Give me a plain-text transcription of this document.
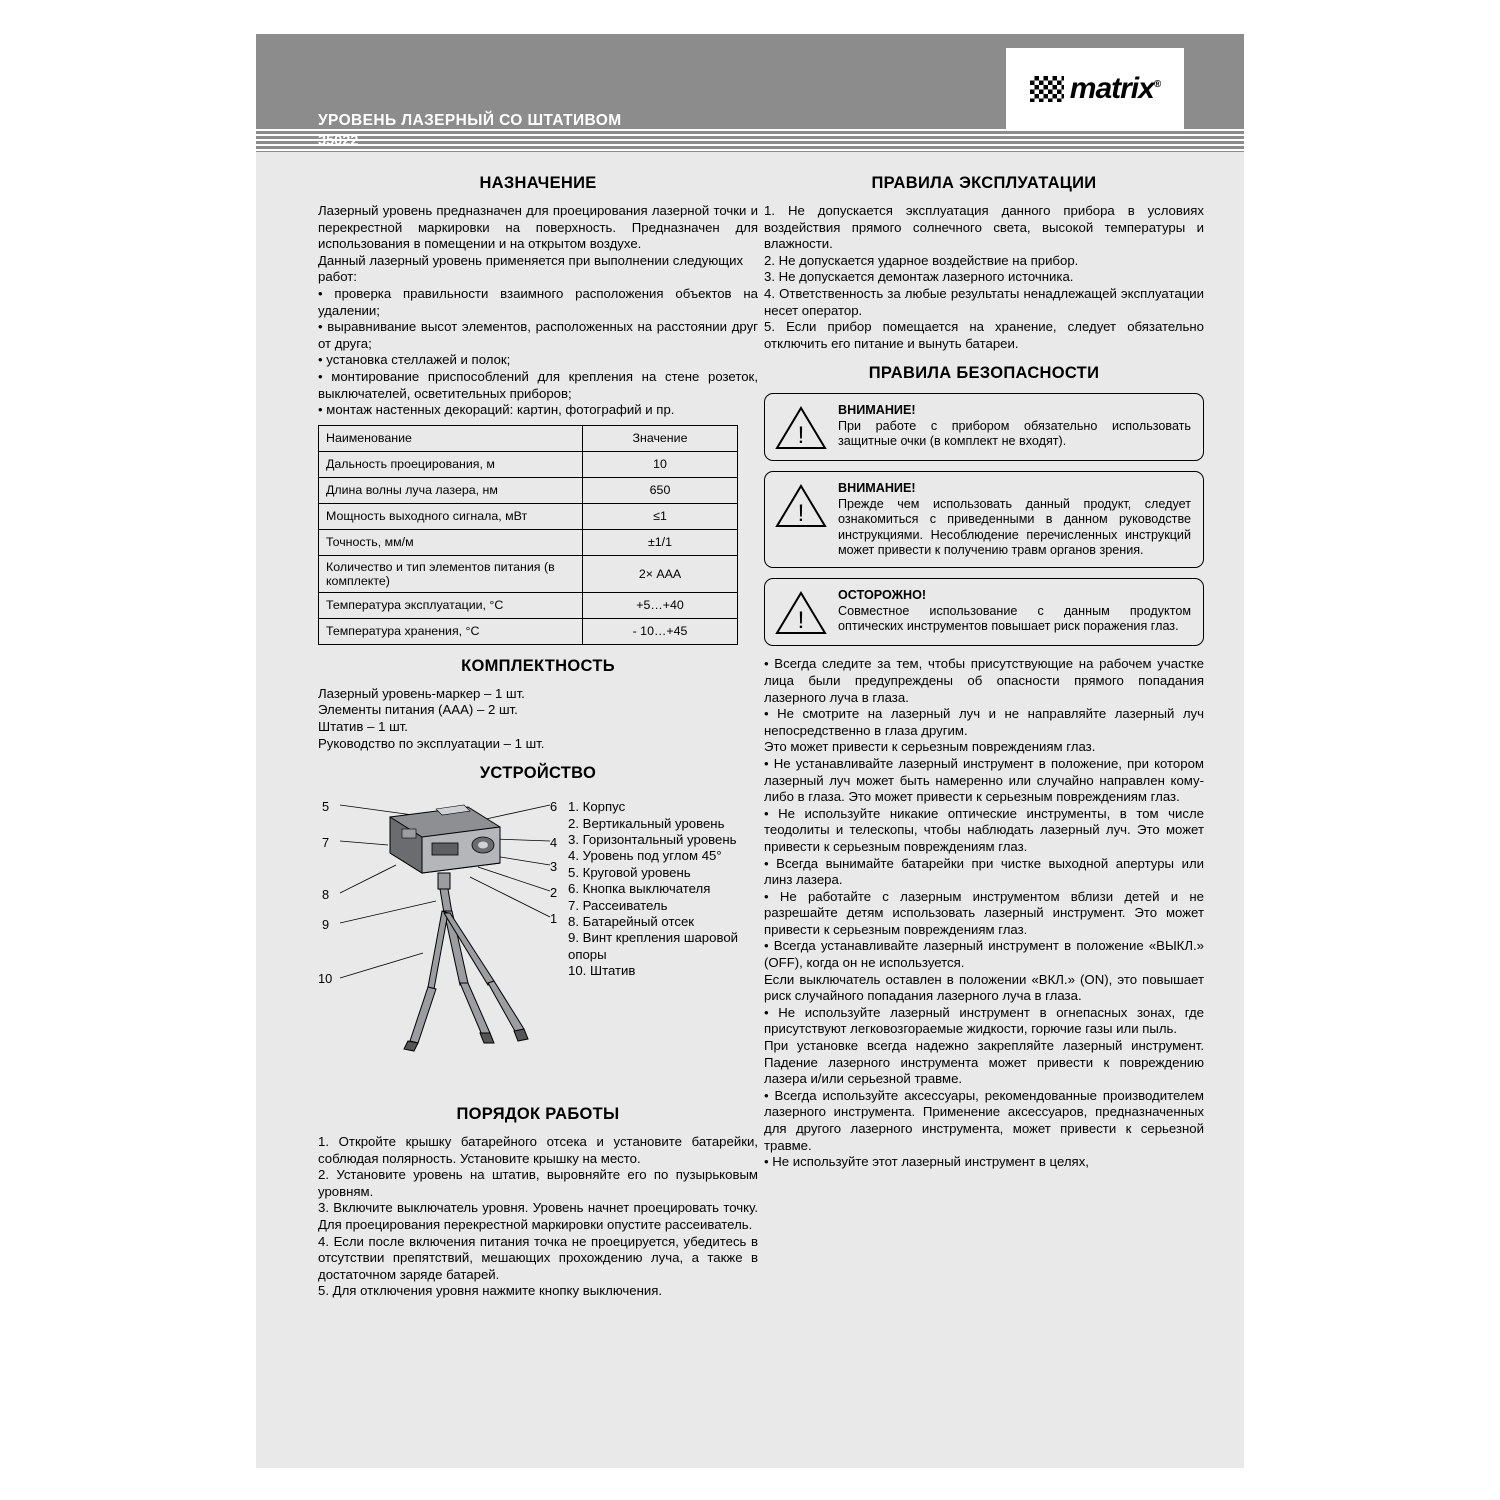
УРОВЕНЬ ЛАЗЕРНЫЙ СО ШТАТИВОМ
35022
matrix®
НАЗНАЧЕНИЕ

Лазерный уровень предназначен для проецирования лазерной точки и перекрестной маркировки на поверхность. Предназначен для использования в помещении и на открытом воздухе.

Данный лазерный уровень применяется при выполнении следующих работ:

• проверка правильности взаимного расположения объектов на удалении;

• выравнивание высот элементов, расположенных на расстоянии друг от друга;

• установка стеллажей и полок;

• монтирование приспособлений для крепления на стене розеток, выключателей, осветительных приборов;

• монтаж настенных декораций: картин, фотографий и пр.

Наименование	Значение
Дальность проецирования, м	10
Длина волны луча лазера, нм	650
Мощность выходного сигнала, мВт	≤1
Точность, мм/м	±1/1
Количество и тип элементов питания (в комплекте)	2× ААА
Температура эксплуатации, °С	+5…+40
Температура хранения, °С	- 10…+45
КОМПЛЕКТНОСТЬ

Лазерный уровень-маркер – 1 шт.

Элементы питания (ААА) – 2 шт.

Штатив – 1 шт.

Руководство по эксплуатации – 1 шт.

УСТРОЙСТВО
5
7
8
9
10
6
4
3
2
1
1. Корпус
2. Вертикальный уровень
3. Горизонтальный уровень
4. Уровень под углом 45°
5. Круговой уровень
6. Кнопка выключателя
7. Рассеиватель
8. Батарейный отсек
9. Винт крепления шаровой опоры
10. Штатив
ПОРЯДОК РАБОТЫ

1. Откройте крышку батарейного отсека и установите батарейки, соблюдая полярность. Установите крышку на место.

2. Установите уровень на штатив, выровняйте его по пузырьковым уровням.

3. Включите выключатель уровня. Уровень начнет проецировать точку. Для проецирования перекрестной маркировки опустите рассеиватель.

4. Если после включения питания точка не проецируется, убедитесь в отсутствии препятствий, мешающих прохождению луча, а также в достаточном заряде батарей.

5. Для отключения уровня нажмите кнопку выключения.

ПРАВИЛА ЭКСПЛУАТАЦИИ

1. Не допускается эксплуатация данного прибора в условиях воздействия прямого солнечного света, высокой температуры и влажности.

2. Не допускается ударное воздействие на прибор.

3. Не допускается демонтаж лазерного источника.

4. Ответственность за любые результаты ненадлежащей эксплуатации несет оператор.

5. Если прибор помещается на хранение, следует обязательно отключить его питание и вынуть батареи.

ПРАВИЛА БЕЗОПАСНОСТИ
!
ВНИМАНИЕ!
При работе с прибором обязательно использовать защитные очки (в комплект не входят).
!
ВНИМАНИЕ!
Прежде чем использовать данный продукт, следует ознакомиться с приведенными в данном руководстве инструкциями. Несоблюдение перечисленных инструкций может привести к получению травм органов зрения.
!
ОСТОРОЖНО!
Совместное использование с данным продуктом оптических инструментов повышает риск поражения глаз.

• Всегда следите за тем, чтобы присутствующие на рабочем участке лица были предупреждены об опасности прямого попадания лазерного луча в глаза.

• Не смотрите на лазерный луч и не направляйте лазерный луч непосредственно в глаза другим.

Это может привести к серьезным повреждениям глаз.

• Не устанавливайте лазерный инструмент в положение, при котором лазерный луч может быть намеренно или случайно направлен кому-либо в глаза. Это может привести к серьезным повреждениям глаз.

• Не используйте никакие оптические инструменты, в том числе теодолиты и телескопы, чтобы наблюдать лазерный луч. Это может привести к серьезным повреждениям глаз.

• Всегда вынимайте батарейки при чистке выходной апертуры или линз лазера.

• Не работайте с лазерным инструментом вблизи детей и не разрешайте детям использовать лазерный инструмент. Это может привести к серьезным повреждениям глаз.

• Всегда устанавливайте лазерный инструмент в положение «ВЫКЛ.» (OFF), когда он не используется.

Если выключатель оставлен в положении «ВКЛ.» (ON), это повышает риск случайного попадания лазерного луча в глаза.

• Не используйте лазерный инструмент в огнепасных зонах, где присутствуют легковозгораемые жидкости, горючие газы или пыль.

При установке всегда надежно закрепляйте лазерный инструмент. Падение лазерного инструмента может привести к повреждению лазера и/или серьезной травме.

• Всегда используйте аксессуары, рекомендованные производителем лазерного инструмента. Применение аксессуаров, предназначенных для другого лазерного инструмента, может привести к серьезной травме.

• Не используйте этот лазерный инструмент в целях,
